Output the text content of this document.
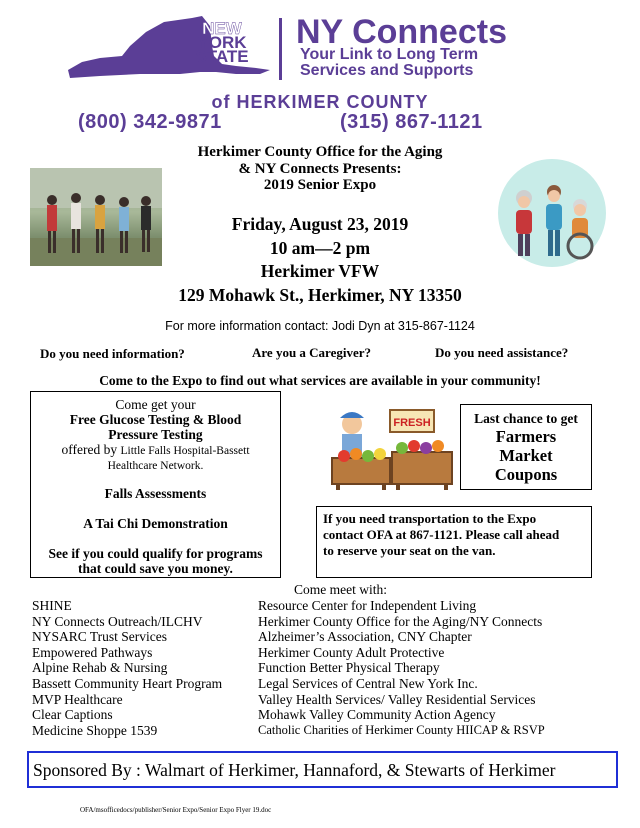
NEW
YORK
STATE
NY Connects
Your Link to Long Term
Services and Supports
of HERKIMER COUNTY
(800) 342-9871	(315) 867-1121
Herkimer County Office for the Aging
& NY Connects Presents:
2019 Senior Expo
Friday, August 23, 2019
10 am—2 pm
Herkimer VFW
129 Mohawk St., Herkimer, NY 13350
For more information contact: Jodi Dyn at 315-867-1124
Do you need information?	Are you a Caregiver?	Do you need assistance?
Come to the Expo to find out what services are available in your community!
Come get your
Free Glucose Testing & Blood
Pressure Testing
offered by Little Falls Hospital-Bassett
Healthcare Network.
Falls Assessments
A Tai Chi Demonstration
See if you could qualify for programs
that could save you money.
FRESH	Last chance to get
Farmers
Market
Coupons
If you need transportation to the Expo
contact OFA at 867-1121. Please call ahead
to reserve your seat on the van.
Come meet with:
SHINE
NY Connects Outreach/ILCHV
NYSARC Trust Services
Empowered Pathways
Alpine Rehab & Nursing
Bassett Community Heart Program
MVP Healthcare
Clear Captions
Medicine Shoppe 1539
Resource Center for Independent Living
Herkimer County Office for the Aging/NY Connects
Alzheimer’s Association, CNY Chapter
Herkimer County Adult Protective
Function Better Physical Therapy
Legal Services of Central New York Inc.
Valley Health Services/ Valley Residential Services
Mohawk Valley Community Action Agency
Catholic Charities of Herkimer County HIICAP & RSVP
Sponsored By : Walmart of Herkimer, Hannaford, & Stewarts of Herkimer
OFA/msofficedocs/publisher/Senior Expo/Senior Expo Flyer 19.doc
